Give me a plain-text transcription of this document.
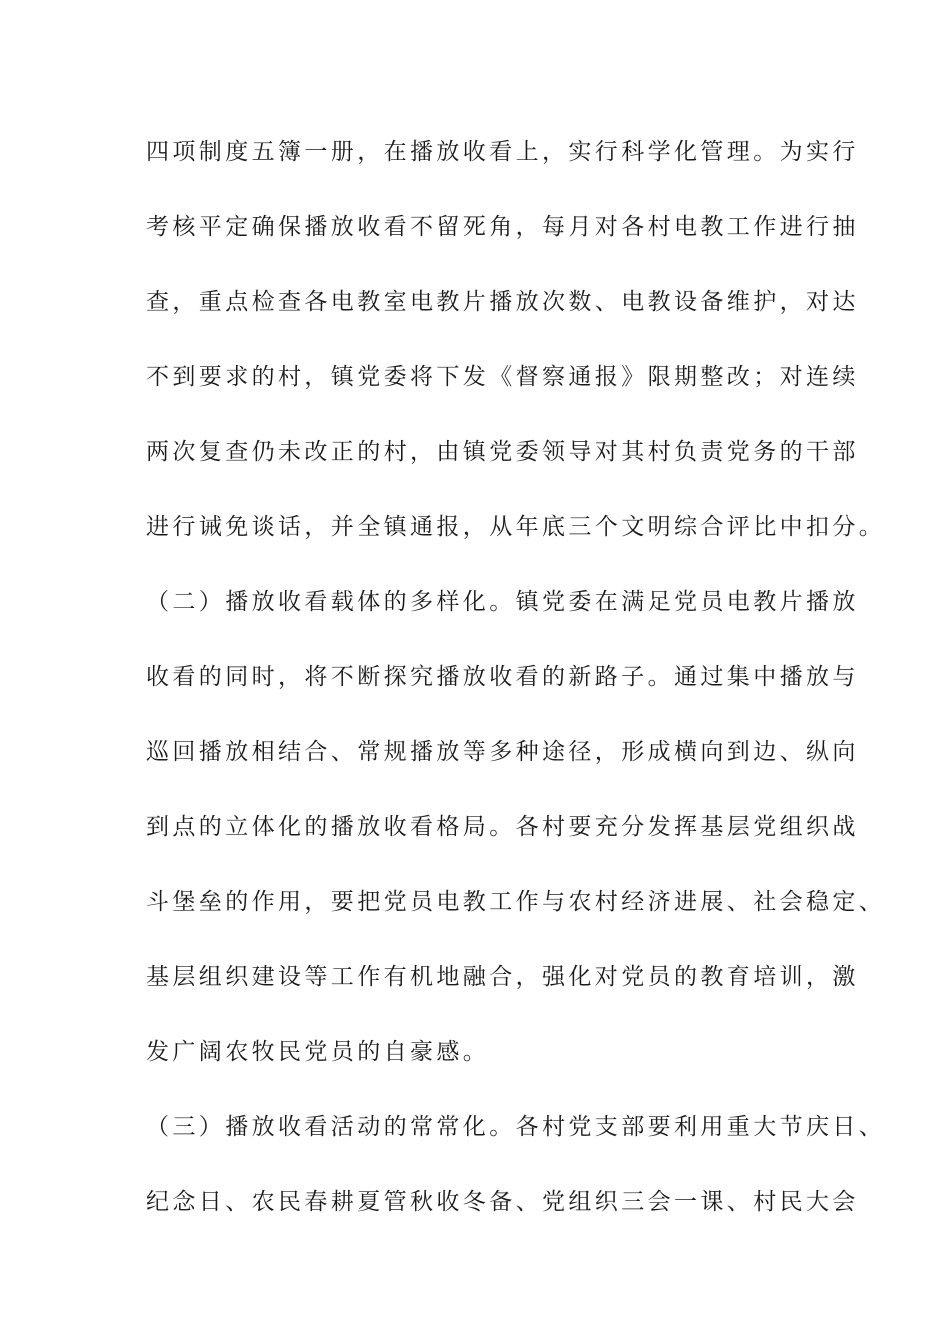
四项制度五簿一册，在播放收看上，实行科学化管理。为实行
考核平定确保播放收看不留死角，每月对各村电教工作进行抽
查，重点检查各电教室电教片播放次数、电教设备维护，对达
不到要求的村，镇党委将下发《督察通报》限期整改；对连续
两次复查仍未改正的村，由镇党委领导对其村负责党务的干部
进行诫免谈话，并全镇通报，从年底三个文明综合评比中扣分。
（二）播放收看载体的多样化。镇党委在满足党员电教片播放
收看的同时，将不断探究播放收看的新路子。通过集中播放与
巡回播放相结合、常规播放等多种途径，形成横向到边、纵向
到点的立体化的播放收看格局。各村要充分发挥基层党组织战
斗堡垒的作用，要把党员电教工作与农村经济进展、社会稳定、
基层组织建设等工作有机地融合，强化对党员的教育培训，激
发广阔农牧民党员的自豪感。
（三）播放收看活动的常常化。各村党支部要利用重大节庆日、
纪念日、农民春耕夏管秋收冬备、党组织三会一课、村民大会
